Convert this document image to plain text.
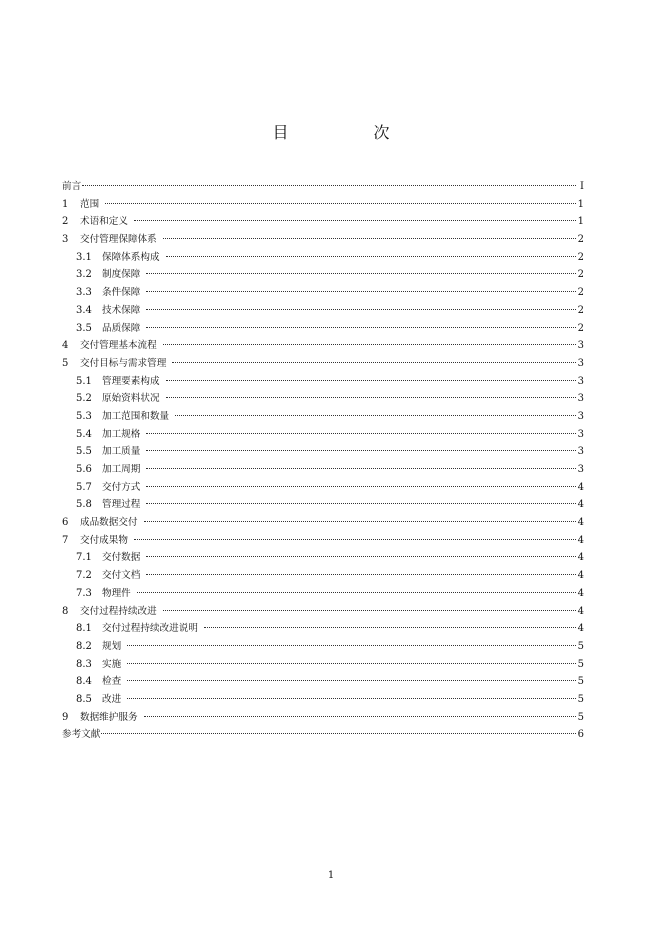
目 次
前言	I
1	范围	1
2	术语和定义	1
3	交付管理保障体系	2
3.1	保障体系构成	2
3.2	制度保障	2
3.3	条件保障	2
3.4	技术保障	2
3.5	品质保障	2
4	交付管理基本流程	3
5	交付目标与需求管理	3
5.1	管理要素构成	3
5.2	原始资料状况	3
5.3	加工范围和数量	3
5.4	加工规格	3
5.5	加工质量	3
5.6	加工周期	3
5.7	交付方式	4
5.8	管理过程	4
6	成品数据交付	4
7	交付成果物	4
7.1	交付数据	4
7.2	交付文档	4
7.3	物理件	4
8	交付过程持续改进	4
8.1	交付过程持续改进说明	4
8.2	规划	5
8.3	实施	5
8.4	检查	5
8.5	改进	5
9	数据维护服务	5
参考文献	6
1
